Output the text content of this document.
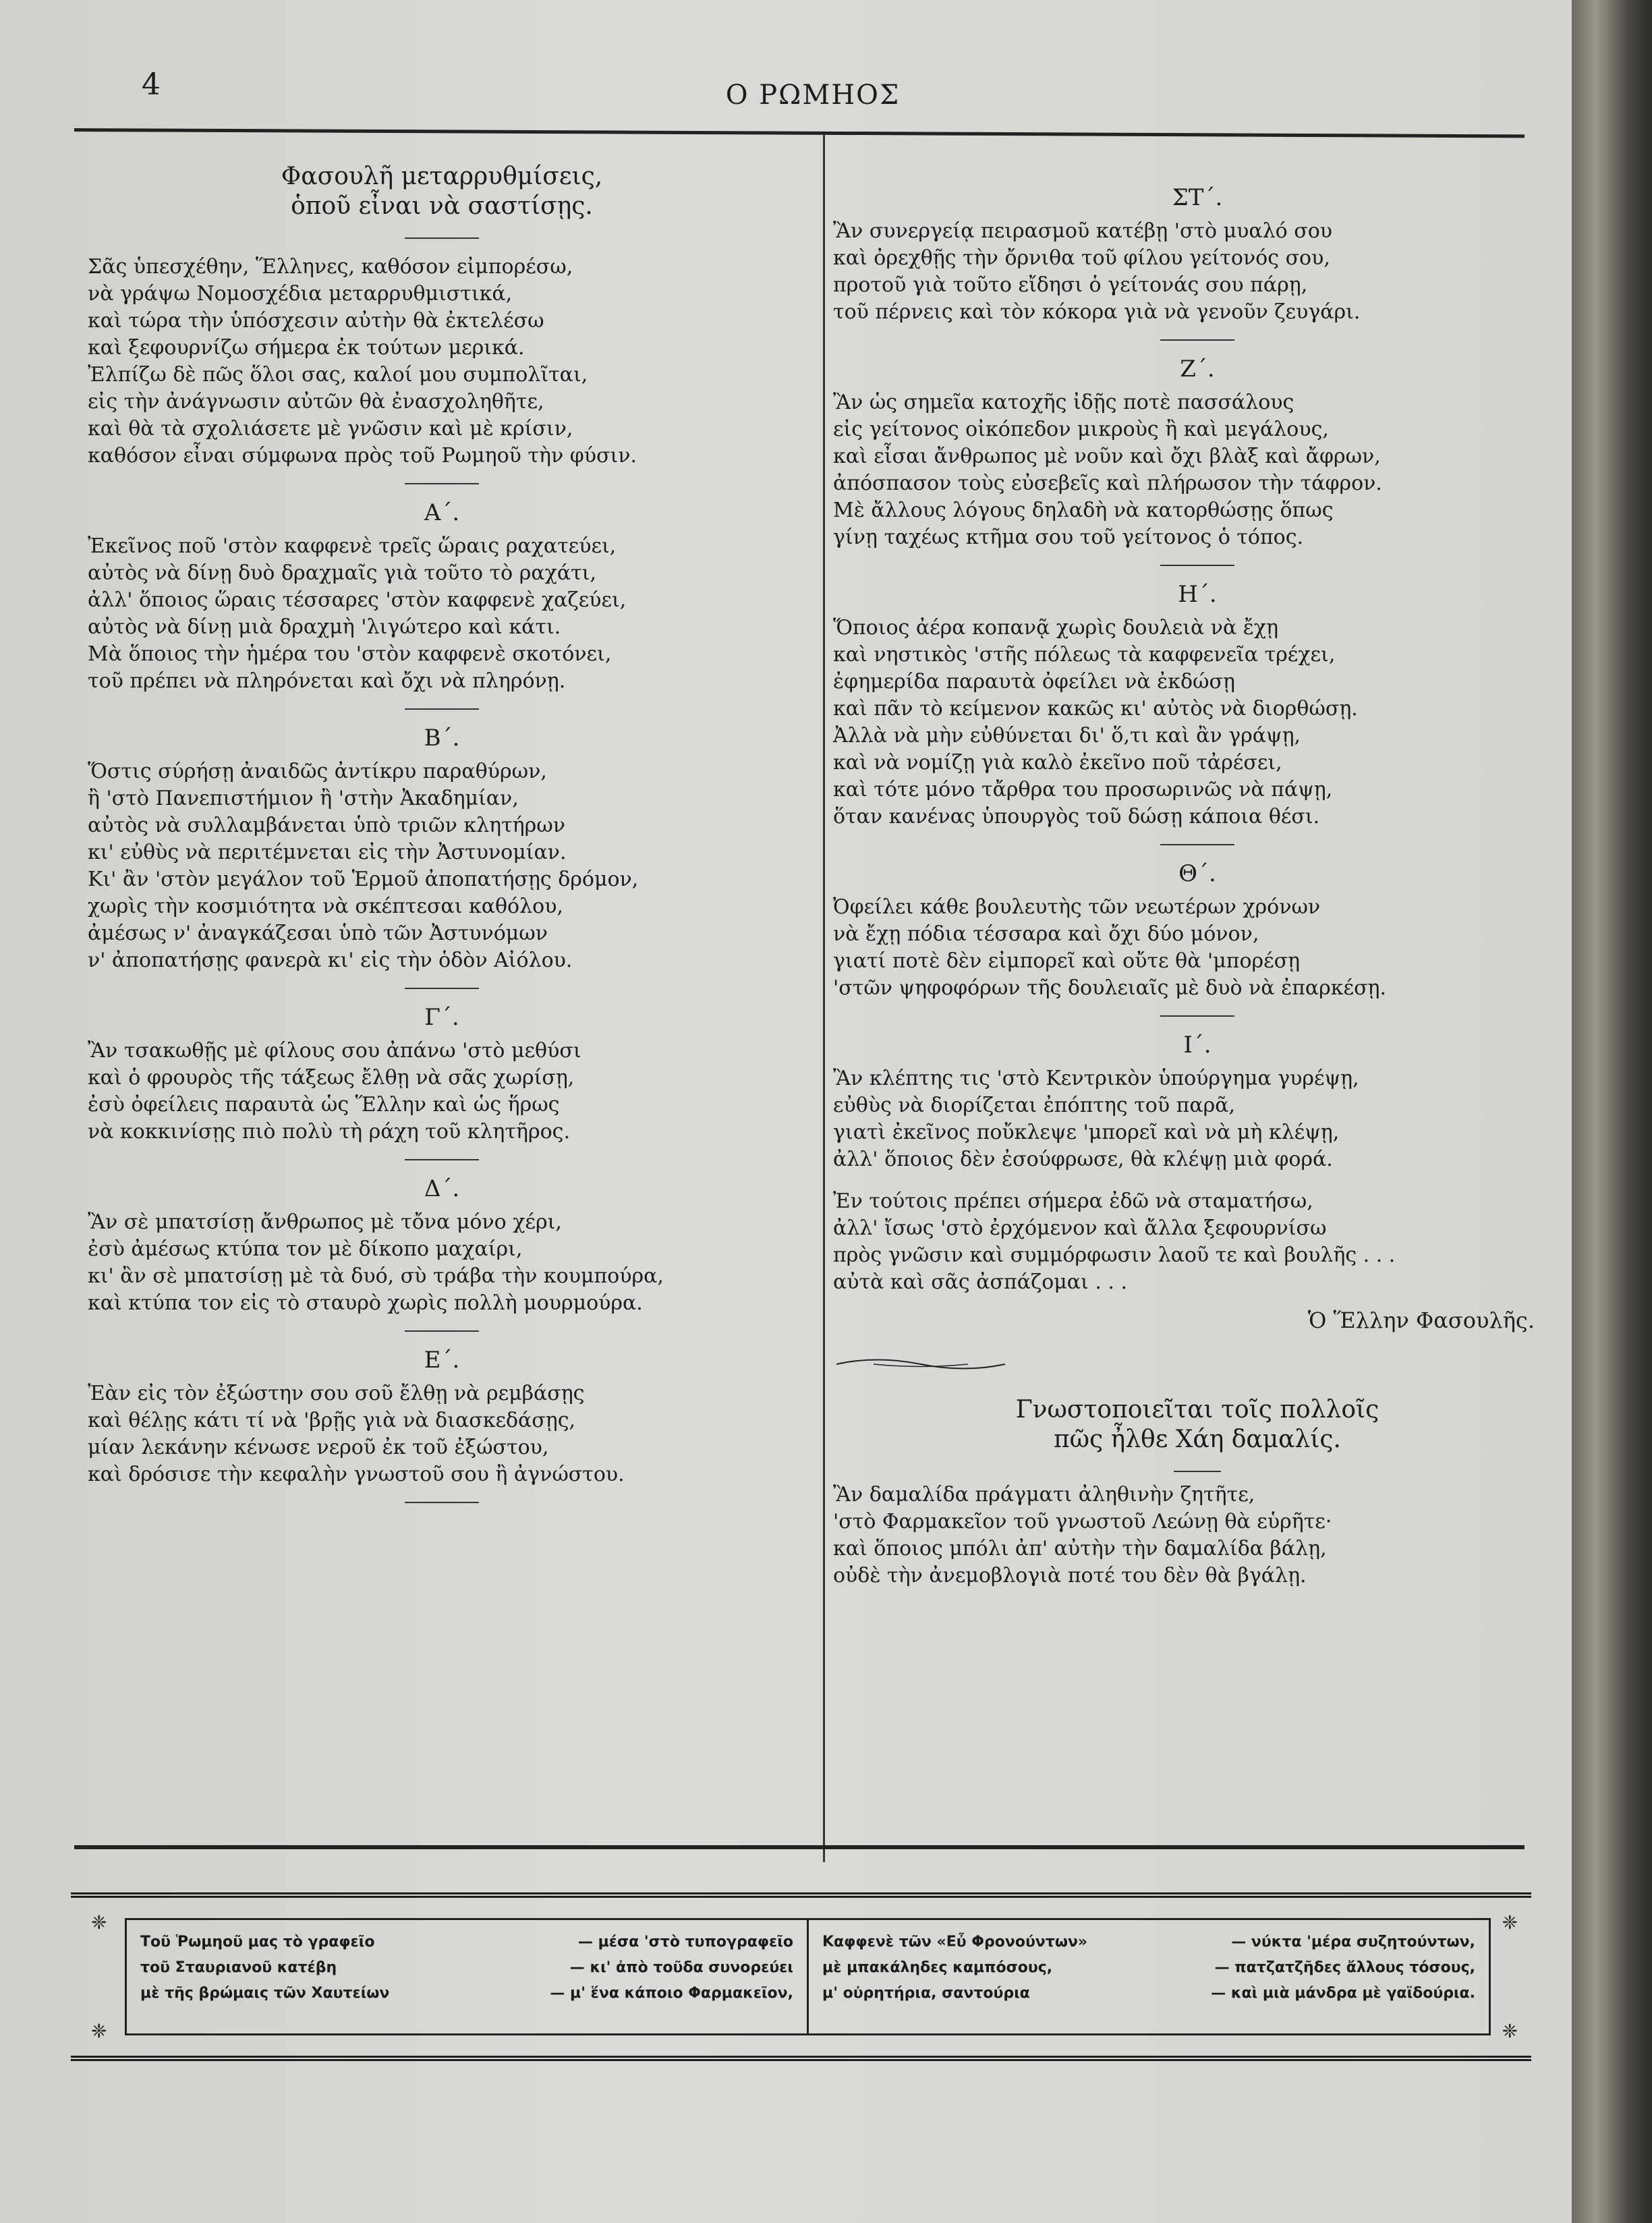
4	Ο ΡΩΜΗΟΣ

Φασουλῆ μεταρρυθμίσεις,

ὁποῦ εἶναι νὰ σαστίσῃς.

Σᾶς ὑπεσχέθην, Ἕλληνες, καθόσον εἰμπορέσω,

νὰ γράψω Νομοσχέδια μεταρρυθμιστικά,

καὶ τώρα τὴν ὑπόσχεσιν αὐτὴν θὰ ἐκτελέσω

καὶ ξεφουρνίζω σήμερα ἐκ τούτων μερικά.

Ἐλπίζω δὲ πῶς ὅλοι σας, καλοί μου συμπολῖται,

εἰς τὴν ἀνάγνωσιν αὐτῶν θὰ ἐνασχοληθῆτε,

καὶ θὰ τὰ σχολιάσετε μὲ γνῶσιν καὶ μὲ κρίσιν,

καθόσον εἶναι σύμφωνα πρὸς τοῦ Ρωμηοῦ τὴν φύσιν.

Α΄.

Ἐκεῖνος ποῦ 'στὸν καφφενὲ τρεῖς ὥραις ραχατεύει,

αὐτὸς νὰ δίνῃ δυὸ δραχμαῖς γιὰ τοῦτο τὸ ραχάτι,

ἀλλ' ὅποιος ὥραις τέσσαρες 'στὸν καφφενὲ χαζεύει,

αὐτὸς νὰ δίνῃ μιὰ δραχμὴ 'λιγώτερο καὶ κάτι.

Μὰ ὅποιος τὴν ἡμέρα του 'στὸν καφφενὲ σκοτόνει,

τοῦ πρέπει νὰ πληρόνεται καὶ ὄχι νὰ πληρόνῃ.

Β΄.

Ὅστις σύρήσῃ ἀναιδῶς ἀντίκρυ παραθύρων,

ἢ 'στὸ Πανεπιστήμιον ἢ 'στὴν Ἀκαδημίαν,

αὐτὸς νὰ συλλαμβάνεται ὑπὸ τριῶν κλητήρων

κι' εὐθὺς νὰ περιτέμνεται εἰς τὴν Ἀστυνομίαν.

Κι' ἂν 'στὸν μεγάλον τοῦ Ἑρμοῦ ἀποπατήσῃς δρόμον,

χωρὶς τὴν κοσμιότητα νὰ σκέπτεσαι καθόλου,

ἀμέσως ν' ἀναγκάζεσαι ὑπὸ τῶν Ἀστυνόμων

ν' ἀποπατήσῃς φανερὰ κι' εἰς τὴν ὁδὸν Αἰόλου.

Γ΄.

Ἂν τσακωθῇς μὲ φίλους σου ἀπάνω 'στὸ μεθύσι

καὶ ὁ φρουρὸς τῆς τάξεως ἔλθῃ νὰ σᾶς χωρίσῃ,

ἐσὺ ὀφείλεις παραυτὰ ὡς Ἕλλην καὶ ὡς ἥρως

νὰ κοκκινίσῃς πιὸ πολὺ τὴ ράχη τοῦ κλητῆρος.

Δ΄.

Ἂν σὲ μπατσίσῃ ἄνθρωπος μὲ τὄνα μόνο χέρι,

ἐσὺ ἀμέσως κτύπα τον μὲ δίκοπο μαχαίρι,

κι' ἂν σὲ μπατσίσῃ μὲ τὰ δυό, σὺ τράβα τὴν κουμπούρα,

καὶ κτύπα τον εἰς τὸ σταυρὸ χωρὶς πολλὴ μουρμούρα.

Ε΄.

Ἐὰν εἰς τὸν ἐξώστην σου σοῦ ἔλθῃ νὰ ρεμβάσῃς

καὶ θέλῃς κάτι τί νὰ 'βρῇς γιὰ νὰ διασκεδάσῃς,

μίαν λεκάνην κένωσε νεροῦ ἐκ τοῦ ἐξώστου,

καὶ δρόσισε τὴν κεφαλὴν γνωστοῦ σου ἢ ἀγνώστου.

ΣΤ΄.

Ἂν συνεργείᾳ πειρασμοῦ κατέβῃ 'στὸ μυαλό σου

καὶ ὀρεχθῇς τὴν ὄρνιθα τοῦ φίλου γείτονός σου,

προτοῦ γιὰ τοῦτο εἴδησι ὁ γείτονάς σου πάρῃ,

τοῦ πέρνεις καὶ τὸν κόκορα γιὰ νὰ γενοῦν ζευγάρι.

Ζ΄.

Ἂν ὡς σημεῖα κατοχῆς ἰδῇς ποτὲ πασσάλους

εἰς γείτονος οἰκόπεδον μικροὺς ἢ καὶ μεγάλους,

καὶ εἶσαι ἄνθρωπος μὲ νοῦν καὶ ὄχι βλὰξ καὶ ἄφρων,

ἀπόσπασον τοὺς εὐσεβεῖς καὶ πλήρωσον τὴν τάφρον.

Μὲ ἄλλους λόγους δηλαδὴ νὰ κατορθώσῃς ὅπως

γίνῃ ταχέως κτῆμα σου τοῦ γείτονος ὁ τόπος.

Η΄.

Ὅποιος ἀέρα κοπανᾷ χωρὶς δουλειὰ νὰ ἔχῃ

καὶ νηστικὸς 'στῆς πόλεως τὰ καφφενεῖα τρέχει,

ἐφημερίδα παραυτὰ ὀφείλει νὰ ἐκδώσῃ

καὶ πᾶν τὸ κείμενον κακῶς κι' αὐτὸς νὰ διορθώσῃ.

Ἀλλὰ νὰ μὴν εὐθύνεται δι' ὅ,τι καὶ ἂν γράψῃ,

καὶ νὰ νομίζῃ γιὰ καλὸ ἐκεῖνο ποῦ τἀρέσει,

καὶ τότε μόνο τἄρθρα του προσωρινῶς νὰ πάψῃ,

ὅταν κανένας ὑπουργὸς τοῦ δώσῃ κάποια θέσι.

Θ΄.

Ὀφείλει κάθε βουλευτὴς τῶν νεωτέρων χρόνων

νὰ ἔχῃ πόδια τέσσαρα καὶ ὄχι δύο μόνον,

γιατί ποτὲ δὲν εἰμπορεῖ καὶ οὔτε θὰ 'μπορέσῃ

'στῶν ψηφοφόρων τῆς δουλειαῖς μὲ δυὸ νὰ ἐπαρκέσῃ.

Ι΄.

Ἂν κλέπτης τις 'στὸ Κεντρικὸν ὑπούργημα γυρέψῃ,

εὐθὺς νὰ διορίζεται ἐπόπτης τοῦ παρᾶ,

γιατὶ ἐκεῖνος ποὔκλεψε 'μπορεῖ καὶ νὰ μὴ κλέψῃ,

ἀλλ' ὅποιος δὲν ἐσούφρωσε, θὰ κλέψῃ μιὰ φορά.

Ἐν τούτοις πρέπει σήμερα ἐδῶ νὰ σταματήσω,

ἀλλ' ἴσως 'στὸ ἐρχόμενον καὶ ἄλλα ξεφουρνίσω

πρὸς γνῶσιν καὶ συμμόρφωσιν λαοῦ τε καὶ βουλῆς . . .

αὐτὰ καὶ σᾶς ἀσπάζομαι . . .

Ὁ Ἕλλην Φασουλῆς.

Γνωστοποιεῖται τοῖς πολλοῖς

πῶς ἦλθε Χάη δαμαλίς.

Ἂν δαμαλίδα πράγματι ἀληθινὴν ζητῆτε,

'στὸ Φαρμακεῖον τοῦ γνωστοῦ Λεώνῃ θὰ εὑρῆτε·

καὶ ὅποιος μπόλι ἀπ' αὐτὴν τὴν δαμαλίδα βάλῃ,

οὐδὲ τὴν ἀνεμοβλογιὰ ποτέ του δὲν θὰ βγάλῃ.

❈
❈
❈
❈
Τοῦ Ῥωμηοῦ μας τὸ γραφεῖο	— μέσα 'στὸ τυπογραφεῖο
τοῦ Σταυριανοῦ κατέβη	— κι' ἀπὸ τοῦδα συνορεύει
μὲ τῆς βρώμαις τῶν Χαυτείων	— μ' ἕνα κάποιο Φαρμακεῖον,
Καφφενὲ τῶν «Εὖ Φρονούντων»	— νύκτα 'μέρα συζητούντων,
μὲ μπακάληδες καμπόσους,	— πατζατζῆδες ἄλλους τόσους,
μ' οὐρητήρια, σαντούρια	— καὶ μιὰ μάνδρα μὲ γαϊδούρια.
